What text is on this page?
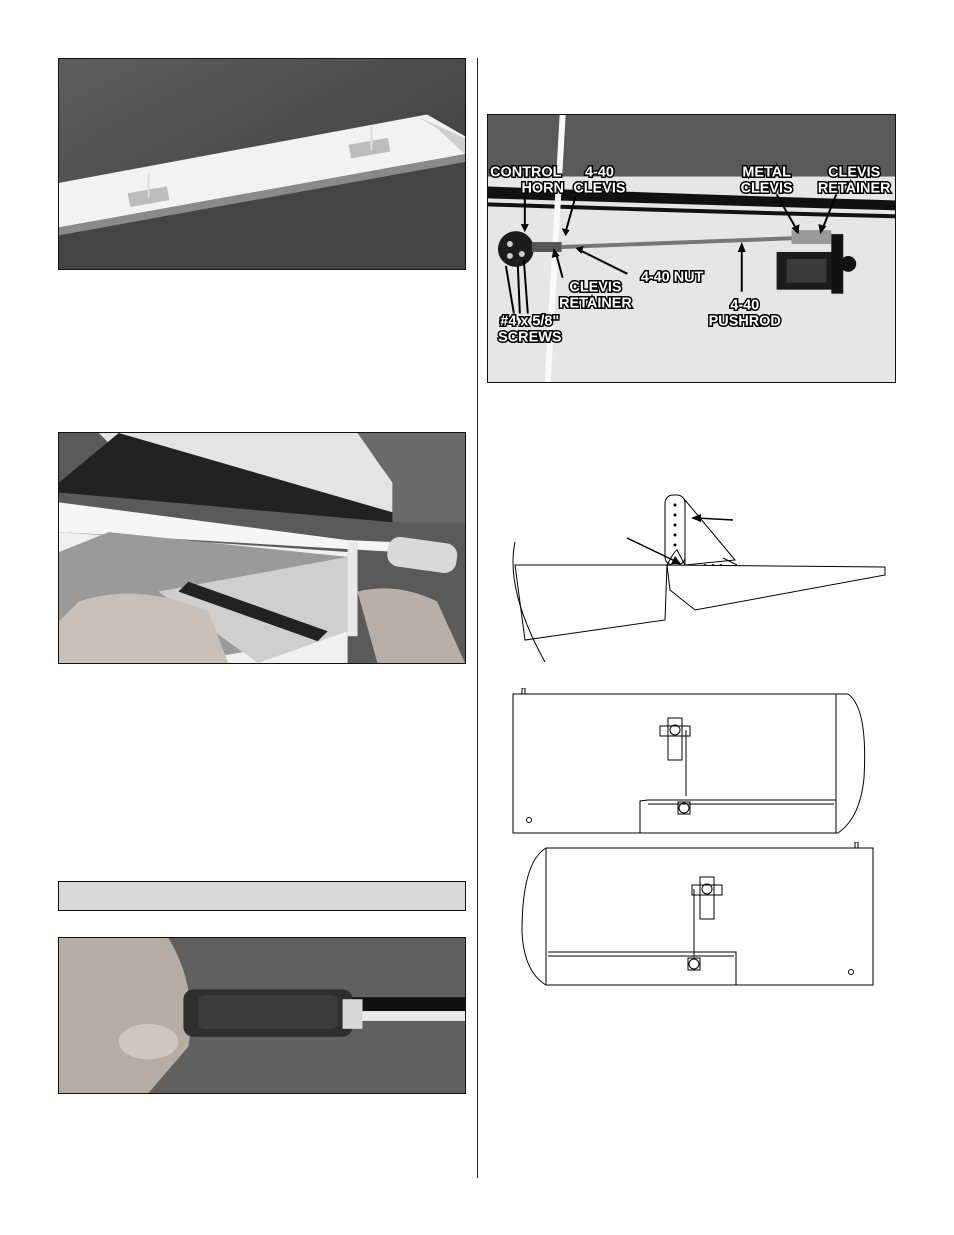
CONTROL
HORN
4-40
CLEVIS
METAL
CLEVIS
CLEVIS
RETAINER
CLEVIS
RETAINER
4-40 NUT
4-40
PUSHROD
#4 x 5/8"
SCREWS
